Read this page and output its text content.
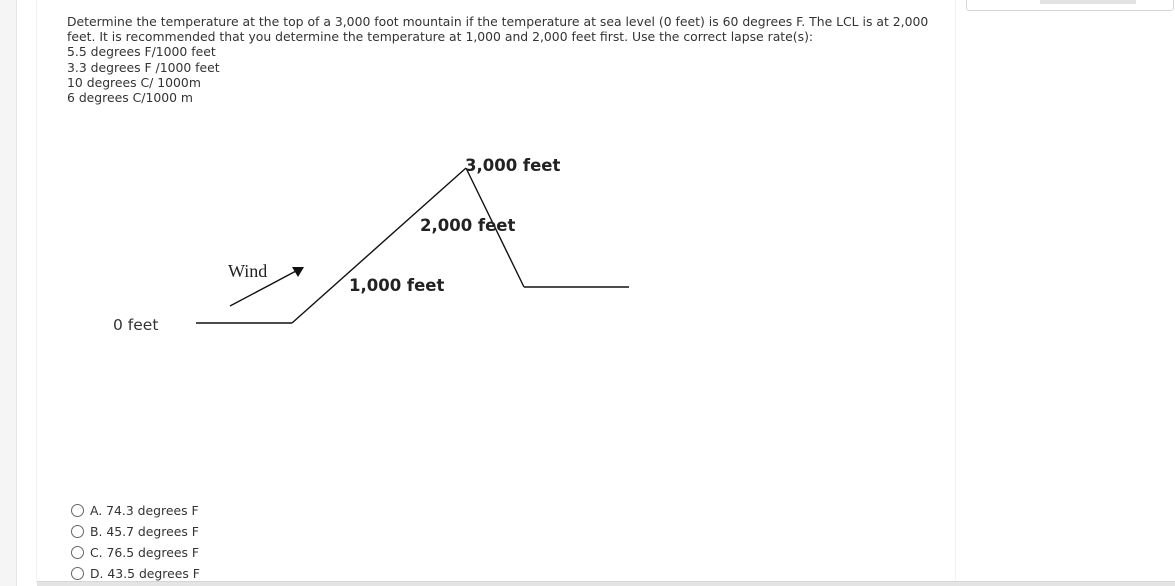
Determine the temperature at the top of a 3,000 foot mountain if the temperature at sea level (0 feet) is 60 degrees F. The LCL is at 2,000 feet. It is recommended that you determine the temperature at 1,000 and 2,000 feet first. Use the correct lapse rate(s):

5.5 degrees F/1000 feet

3.3 degrees F /1000 feet

10 degrees C/ 1000m

6 degrees C/1000 m

0 feet
Wind
1,000 feet
2,000 feet
3,000 feet
A. 74.3 degrees F
B. 45.7 degrees F
C. 76.5 degrees F
D. 43.5 degrees F
